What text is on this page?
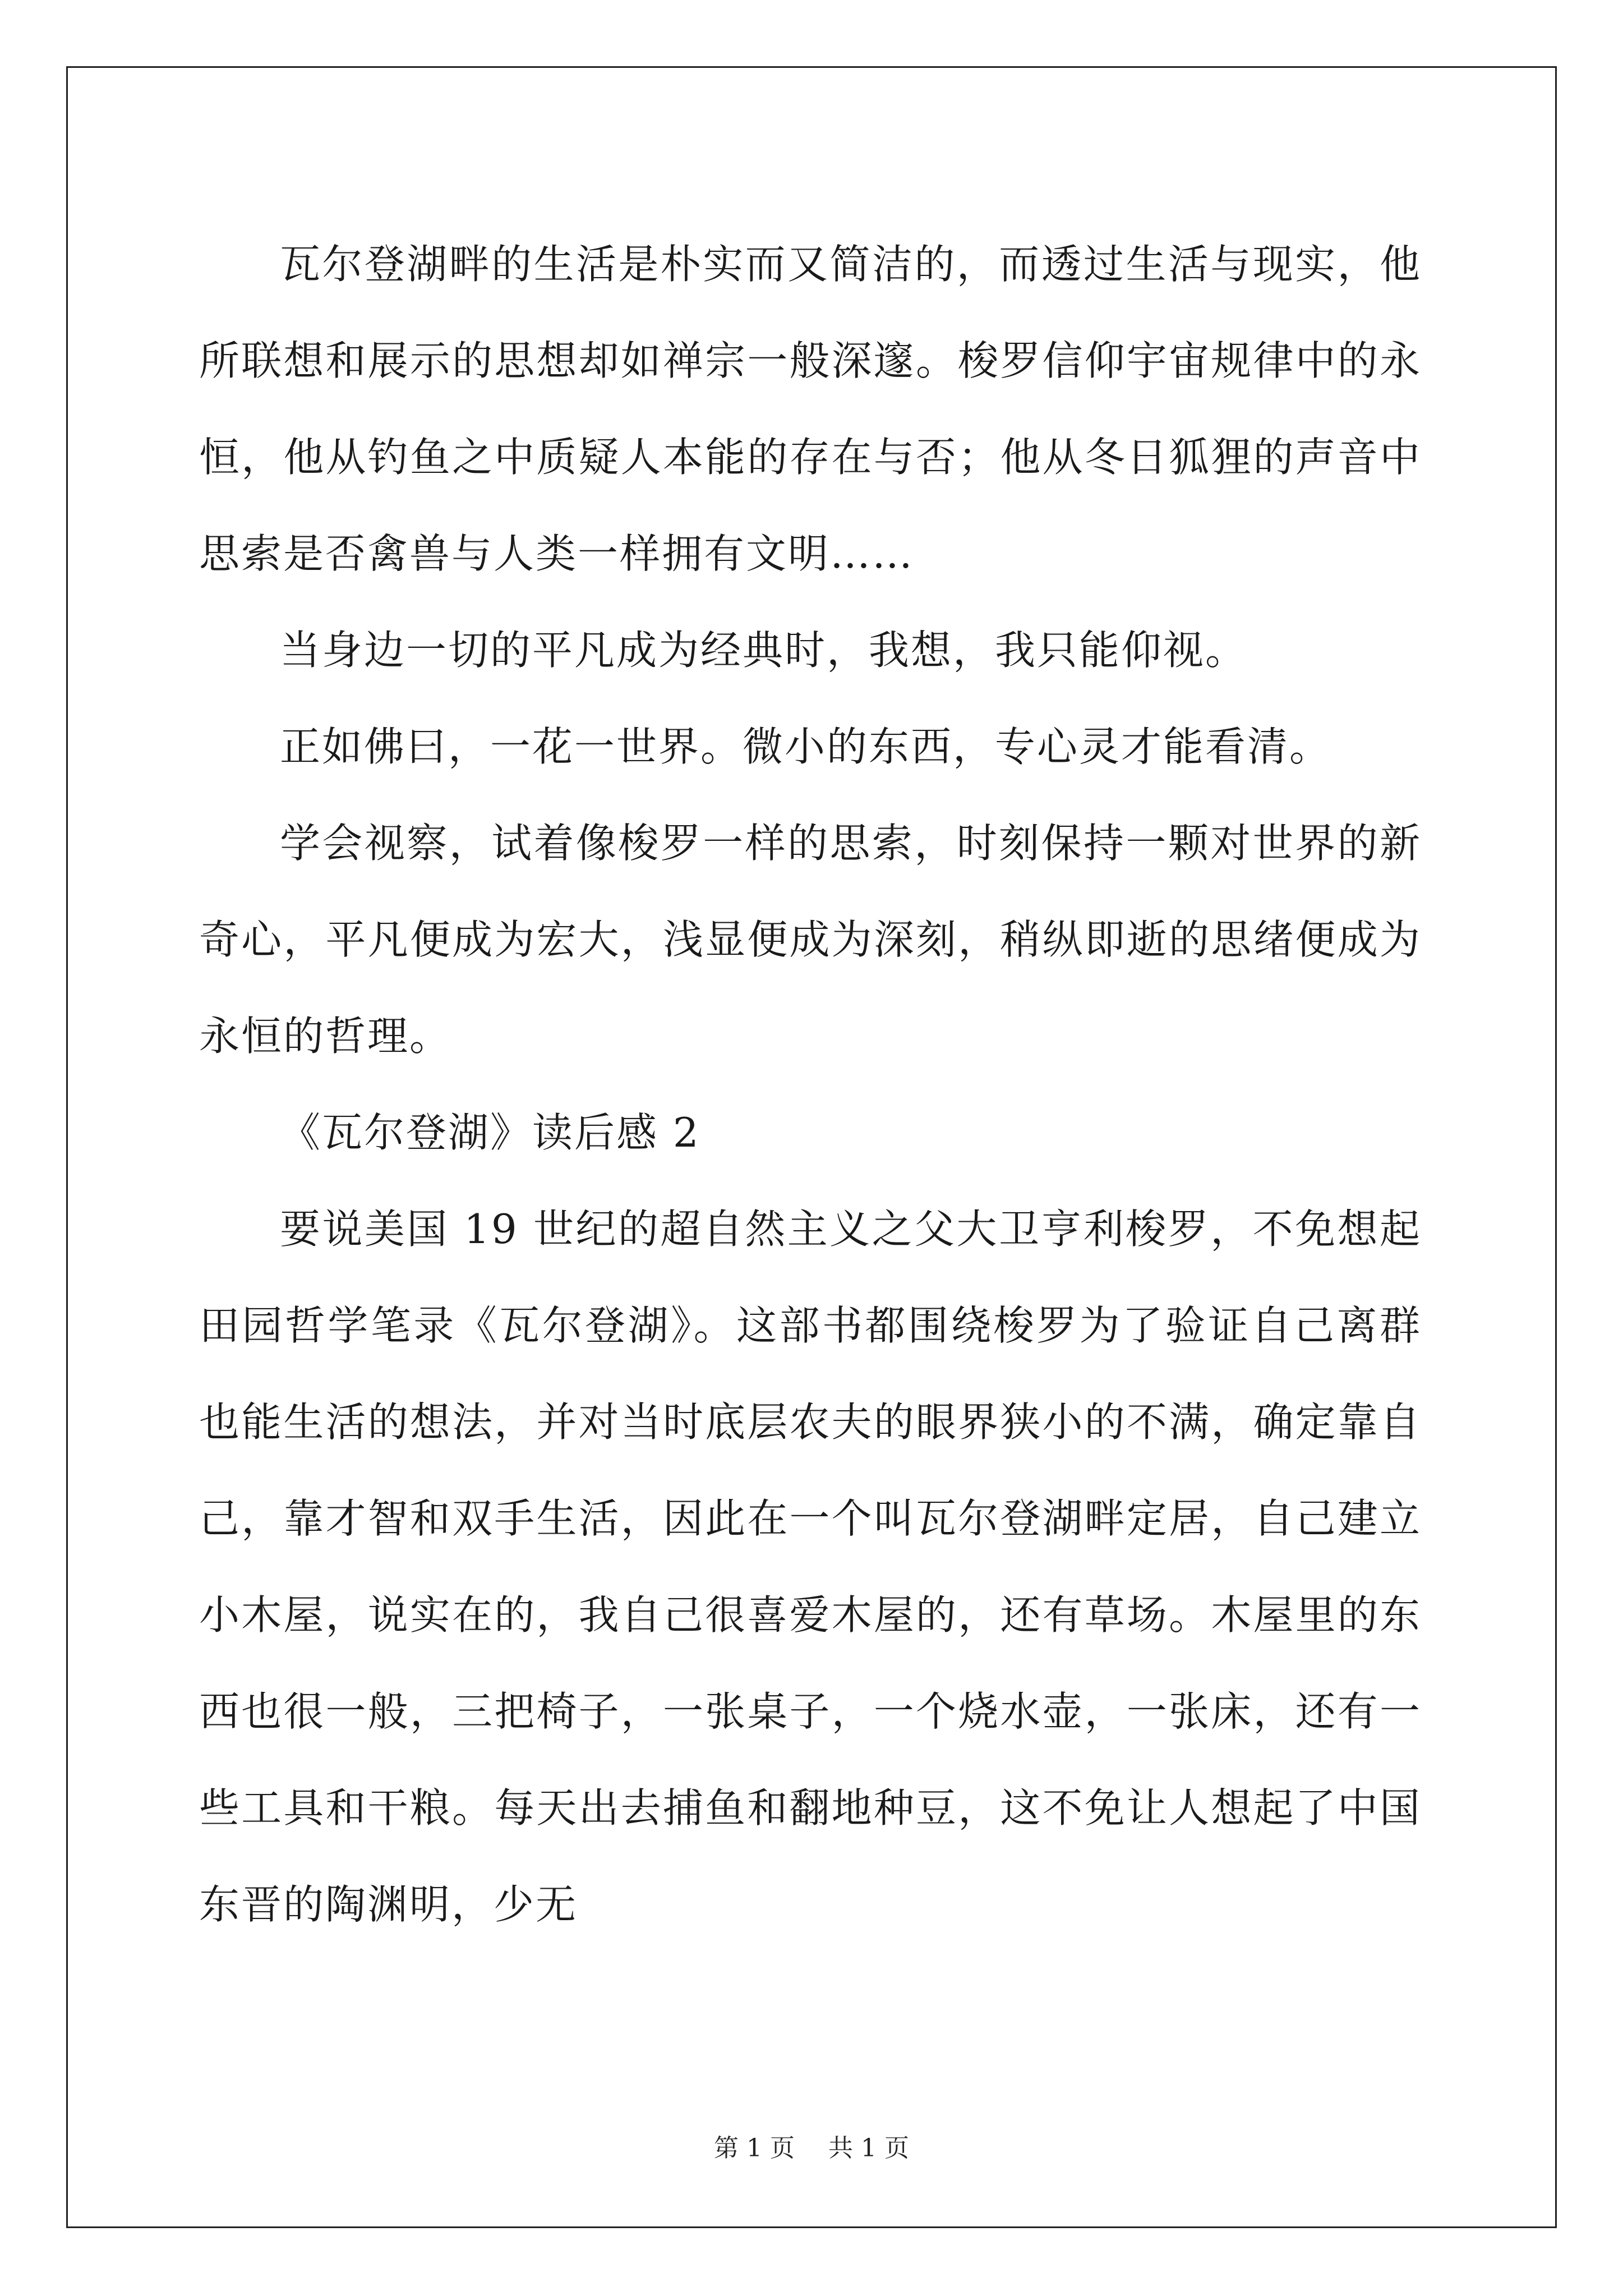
瓦尔登湖畔的生活是朴实而又简洁的，而透过生活与现实，他所联想和展示的思想却如禅宗一般深邃。梭罗信仰宇宙规律中的永恒，他从钓鱼之中质疑人本能的存在与否；他从冬日狐狸的声音中思索是否禽兽与人类一样拥有文明……

当身边一切的平凡成为经典时，我想，我只能仰视。

正如佛曰，一花一世界。微小的东西，专心灵才能看清。

学会视察，试着像梭罗一样的思索，时刻保持一颗对世界的新奇心，平凡便成为宏大，浅显便成为深刻，稍纵即逝的思绪便成为永恒的哲理。

《瓦尔登湖》读后感 2

要说美国 19 世纪的超自然主义之父大卫亨利梭罗，不免想起田园哲学笔录《瓦尔登湖》。这部书都围绕梭罗为了验证自己离群也能生活的想法，并对当时底层农夫的眼界狭小的不满，确定靠自己，靠才智和双手生活，因此在一个叫瓦尔登湖畔定居，自己建立小木屋，说实在的，我自己很喜爱木屋的，还有草场。木屋里的东西也很一般，三把椅子，一张桌子，一个烧水壶，一张床，还有一些工具和干粮。每天出去捕鱼和翻地种豆，这不免让人想起了中国东晋的陶渊明，少无

第 1 页 共 1 页
